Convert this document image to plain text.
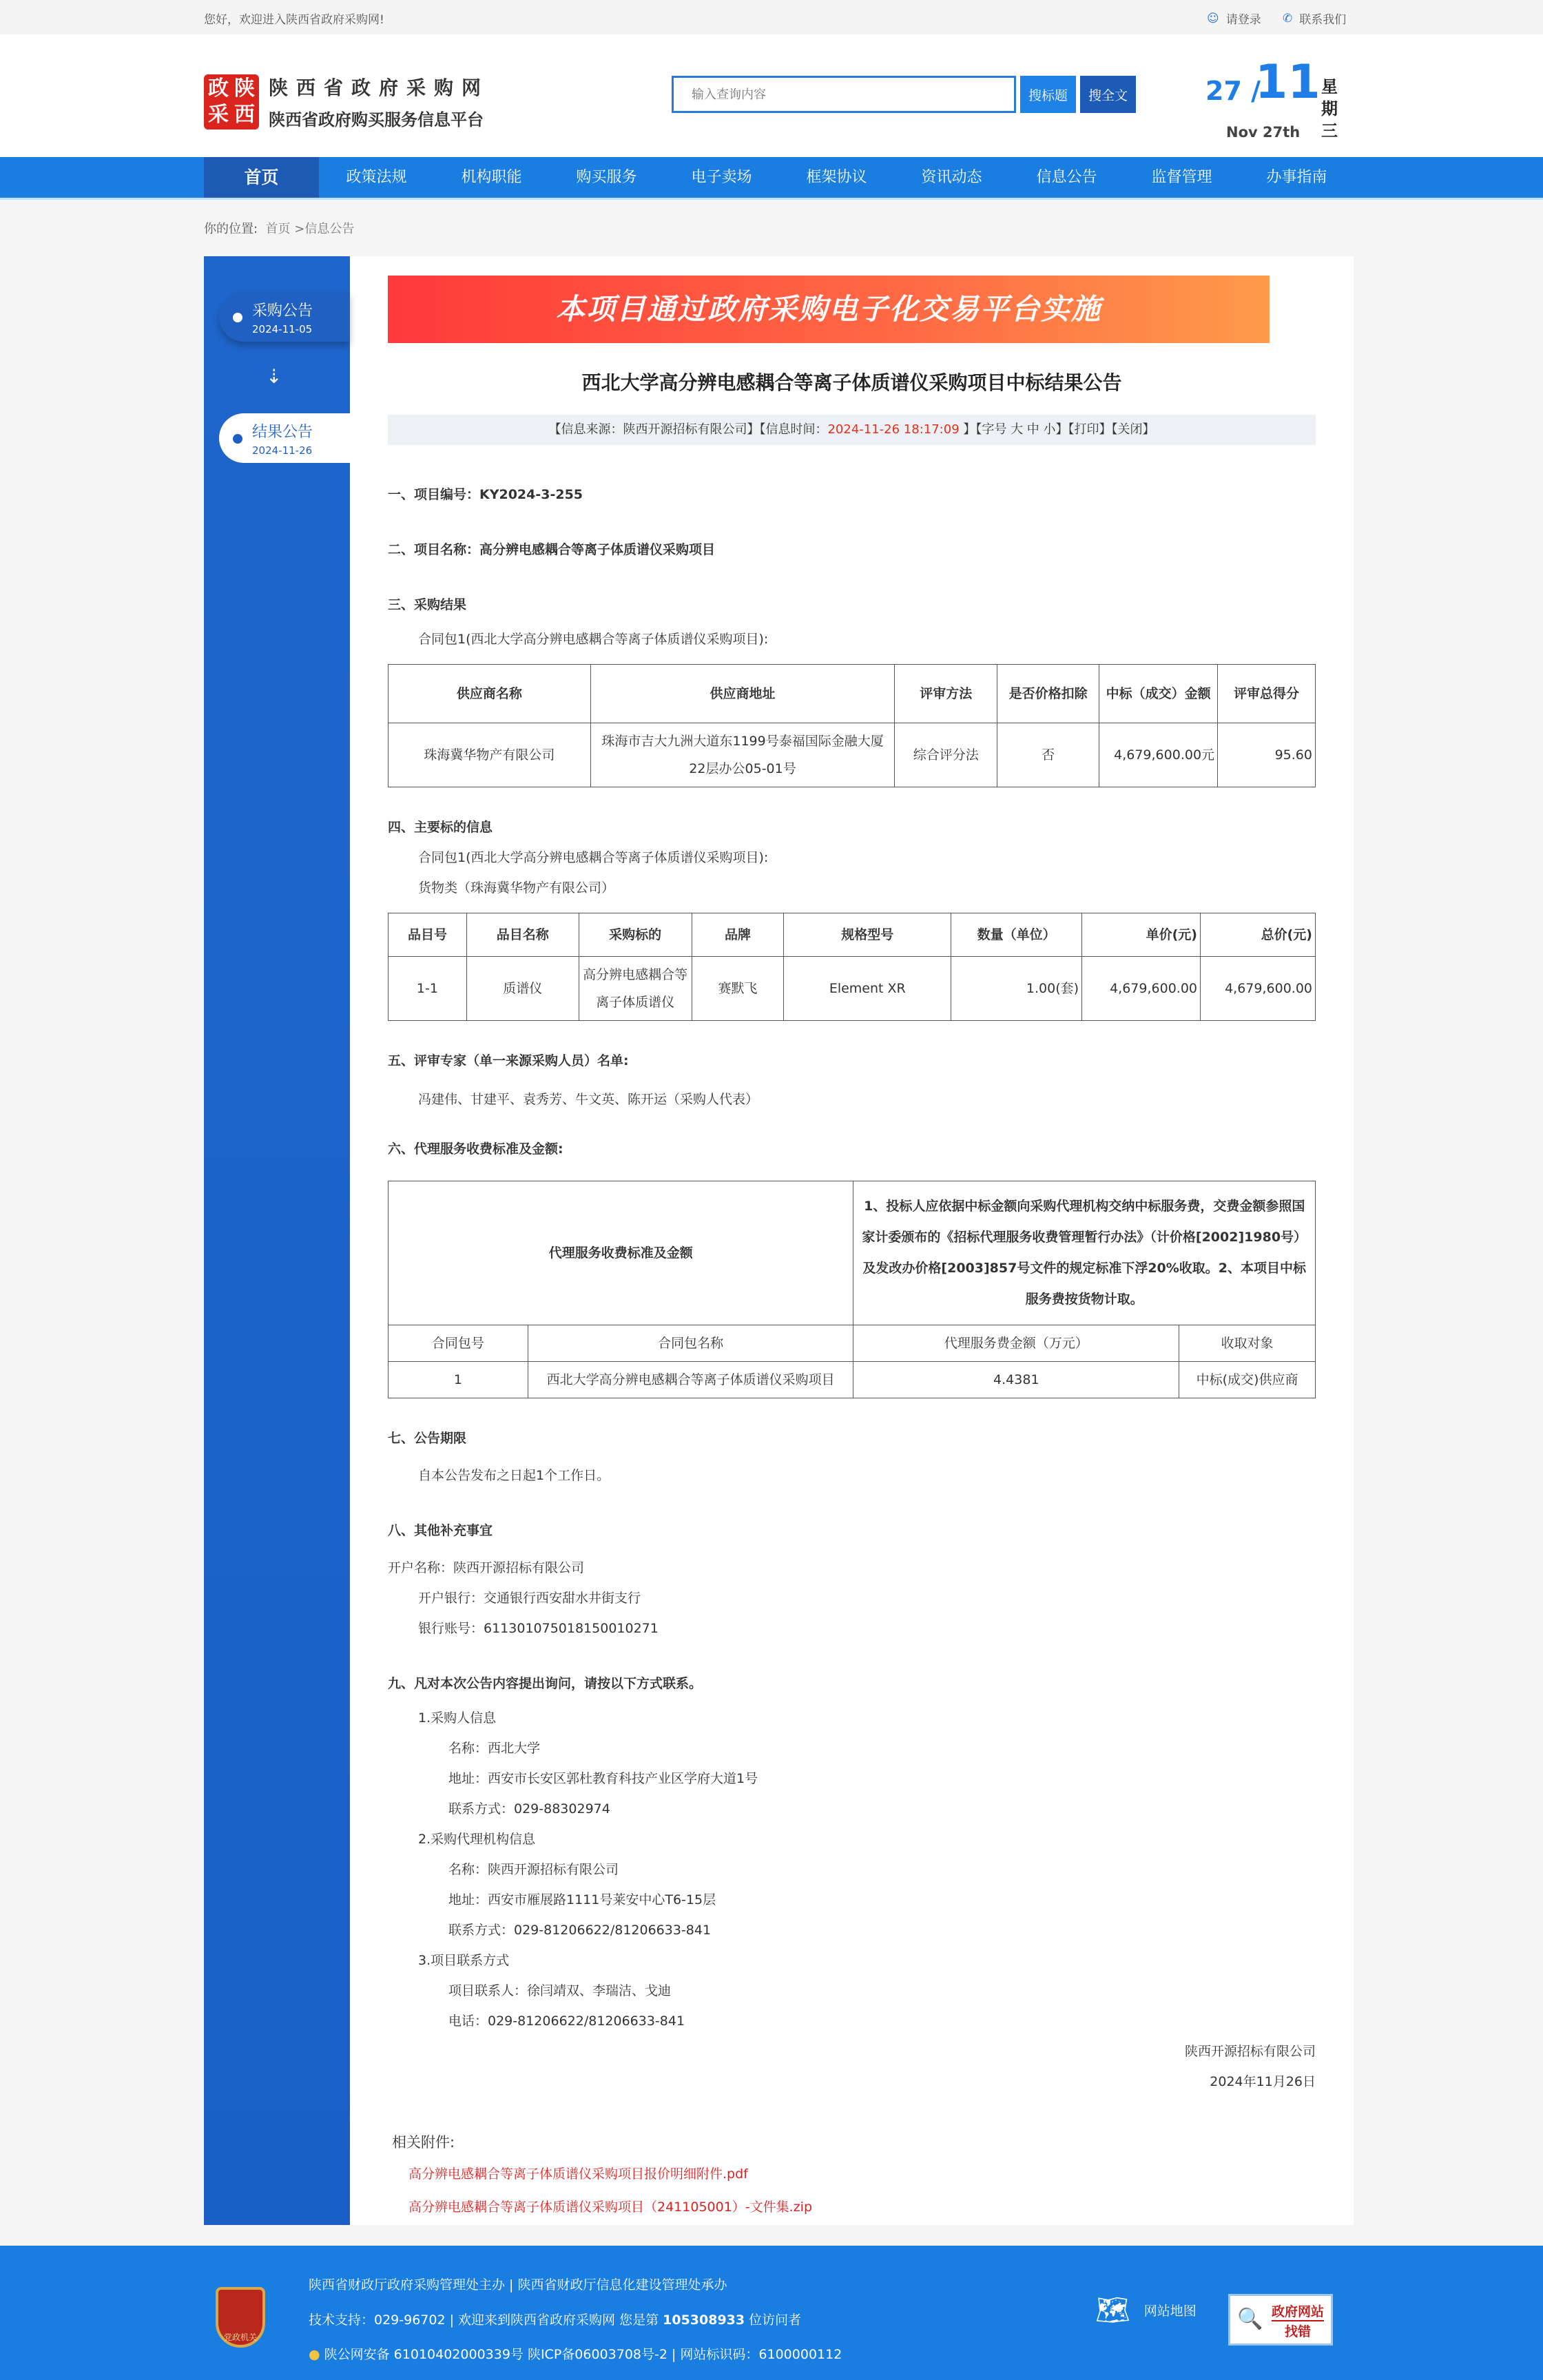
您好，欢迎进入陕西省政府采购网!	☺ 请登录 ✆ 联系我们
政 陕
采 西
陕西省政府采购网
陕西省政府购买服务信息平台
输入查询内容
搜标题	搜全文	27 /
11
Nov 27th
星期三
首页	政策法规	机构职能	购买服务	电子卖场	框架协议	资讯动态	信息公告	监督管理	办事指南
你的位置: 首页 >信息公告
采购公告
2024-11-05
⇣
结果公告
2024-11-26
本项目通过政府采购电子化交易平台实施
西北大学高分辨电感耦合等离子体质谱仪采购项目中标结果公告
【信息来源：陕西开源招标有限公司】【信息时间：2024-11-26 18:17:09 】【字号 大 中 小】【打印】【关闭】
一、项目编号：KY2024-3-255
二、项目名称：高分辨电感耦合等离子体质谱仪采购项目
三、采购结果

合同包1(西北大学高分辨电感耦合等离子体质谱仪采购项目):

供应商名称	供应商地址	评审方法	是否价格扣除	中标（成交）金额	评审总得分
珠海冀华物产有限公司	珠海市吉大九洲大道东1199号泰福国际金融大厦22层办公05-01号	综合评分法	否	4,679,600.00元	95.60
四、主要标的信息

合同包1(西北大学高分辨电感耦合等离子体质谱仪采购项目):

货物类（珠海冀华物产有限公司）

品目号	品目名称	采购标的	品牌	规格型号	数量（单位）	单价(元)	总价(元)
1-1	质谱仪	高分辨电感耦合等离子体质谱仪	赛默飞	Element XR	1.00(套)	4,679,600.00	4,679,600.00
五、评审专家（单一来源采购人员）名单:

冯建伟、甘建平、袁秀芳、牛文英、陈开运（采购人代表）

六、代理服务收费标准及金额:
代理服务收费标准及金额		1、投标人应依据中标金额向采购代理机构交纳中标服务费，交费金额参照国家计委颁布的《招标代理服务收费管理暂行办法》（计价格[2002]1980号）及发改办价格[2003]857号文件的规定标准下浮20%收取。2、本项目中标服务费按货物计取。	
合同包号	合同包名称	代理服务费金额（万元）	收取对象
1	西北大学高分辨电感耦合等离子体质谱仪采购项目	4.4381	中标(成交)供应商
七、公告期限

自本公告发布之日起1个工作日。

八、其他补充事宜

开户名称：陕西开源招标有限公司

开户银行：交通银行西安甜水井街支行

银行账号：611301075018150010271

九、凡对本次公告内容提出询问，请按以下方式联系。

1.采购人信息

名称：西北大学

地址：西安市长安区郭杜教育科技产业区学府大道1号

联系方式：029-88302974

2.采购代理机构信息

名称：陕西开源招标有限公司

地址：西安市雁展路1111号莱安中心T6-15层

联系方式：029-81206622/81206633-841

3.项目联系方式

项目联系人：徐闫靖双、李瑞洁、戈迪

电话：029-81206622/81206633-841

陕西开源招标有限公司

2024年11月26日

相关附件:

高分辨电感耦合等离子体质谱仪采购项目报价明细附件.pdf
高分辨电感耦合等离子体质谱仪采购项目（241105001）-文件集.zip
党政机关
陕西省财政厅政府采购管理处主办 | 陕西省财政厅信息化建设管理处承办
技术支持：029-96702 | 欢迎来到陕西省政府采购网 您是第 105308933 位访问者
● 陕公网安备 61010402000339号 陕ICP备06003708号-2 | 网站标识码：6100000112
🗺 网站地图 🔍 政府网站
找错
